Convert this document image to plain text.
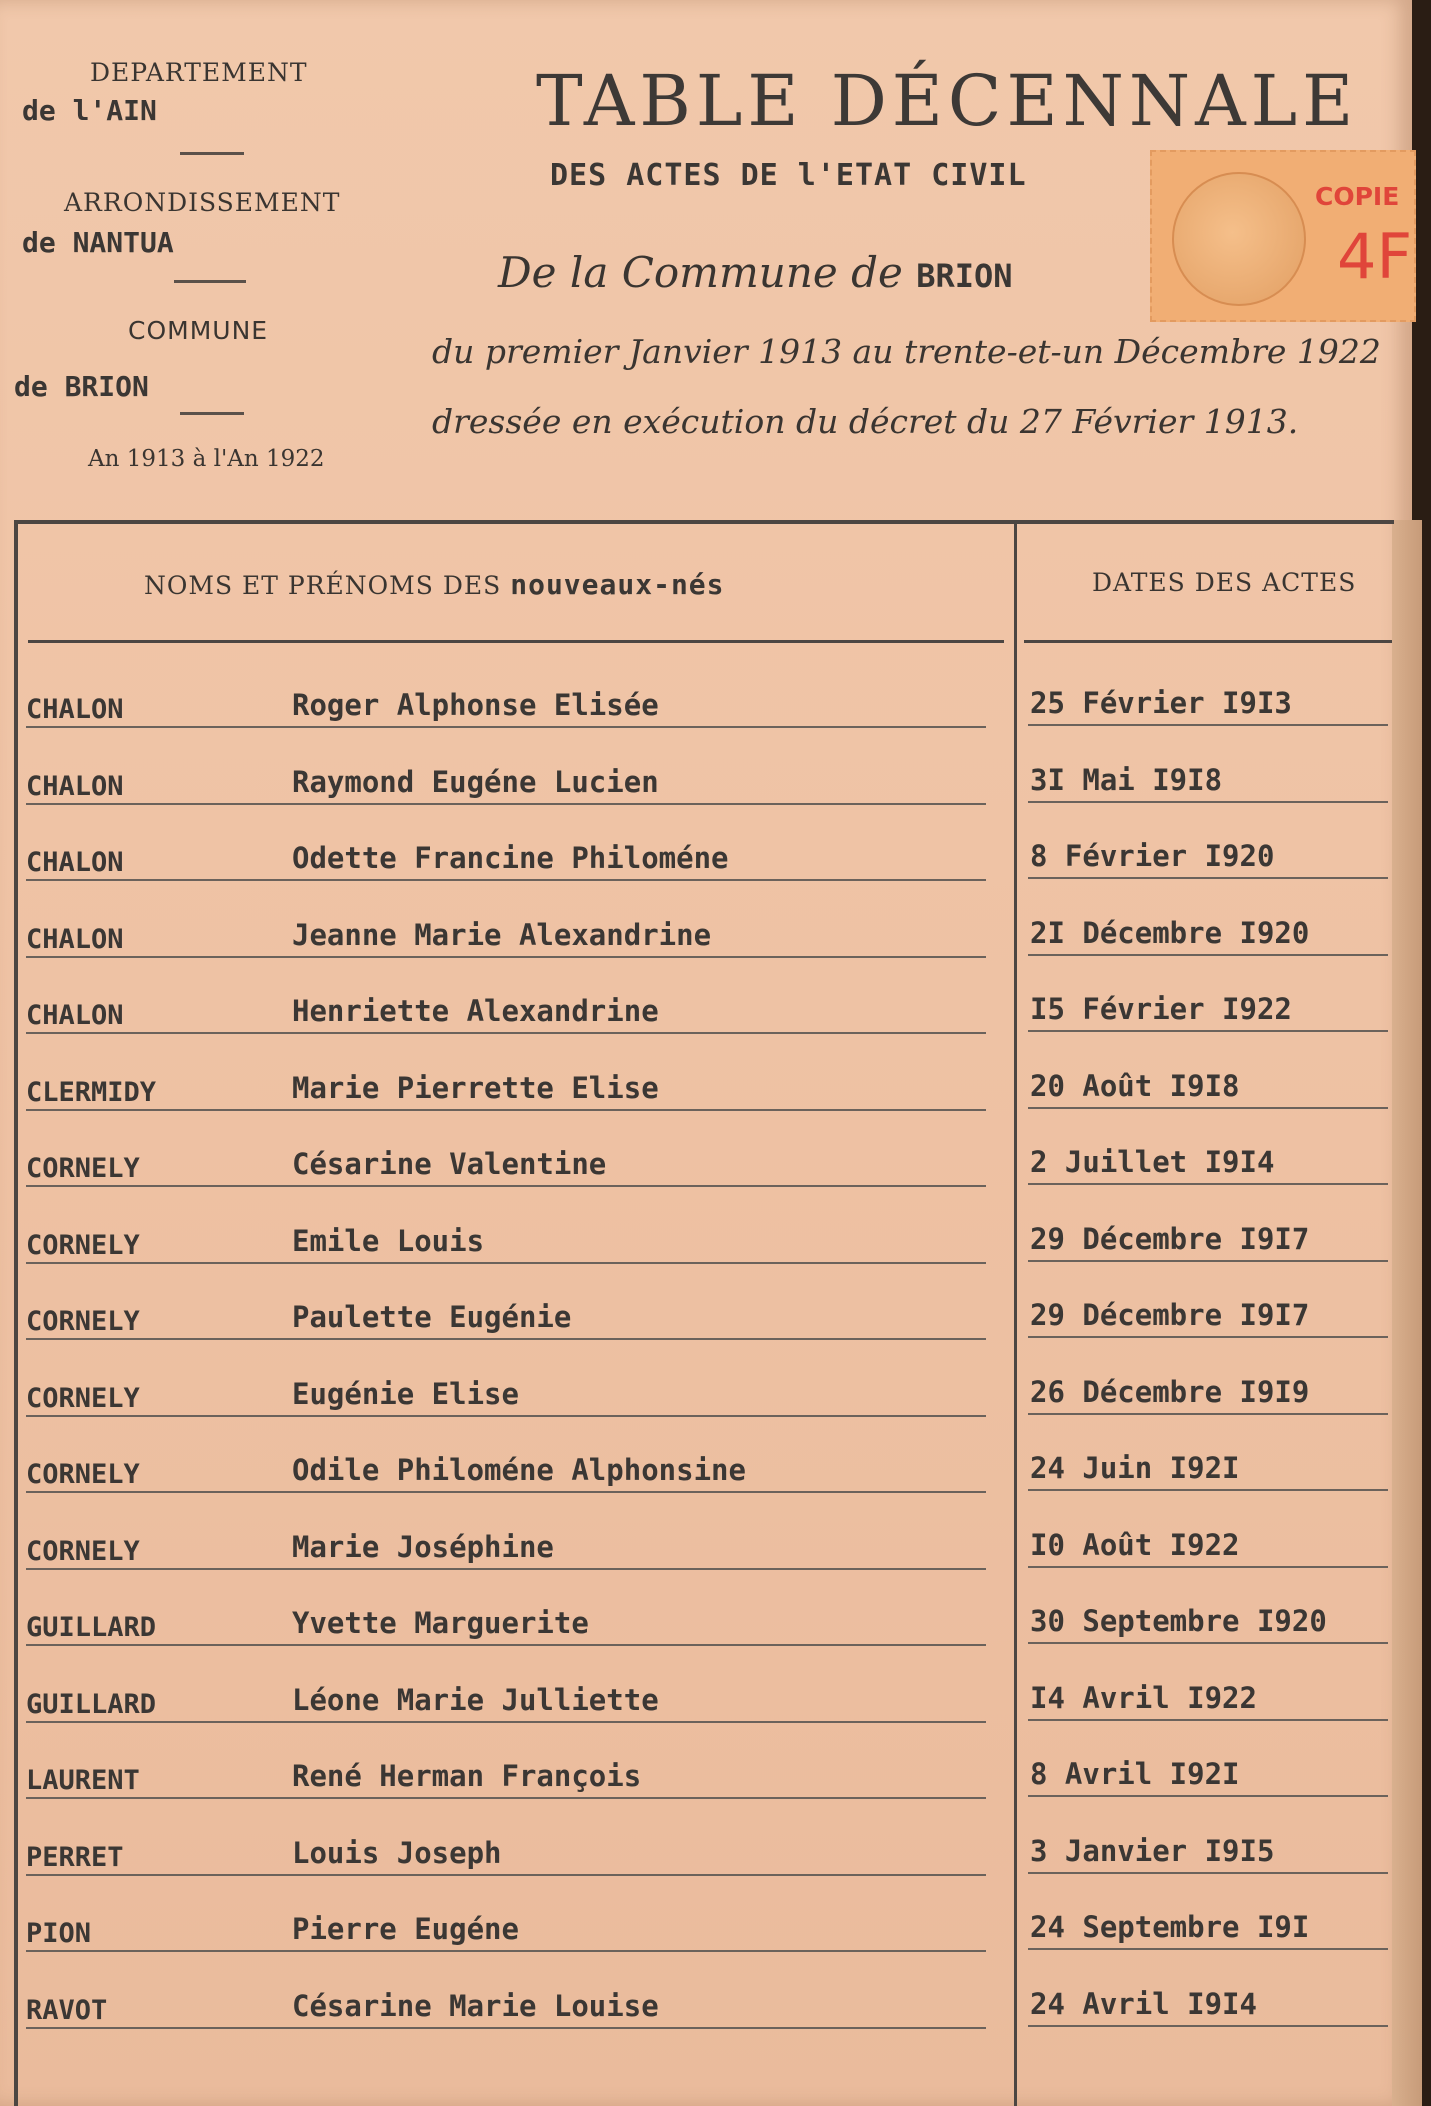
DEPARTEMENT
de l'AIN
ARRONDISSEMENT
de NANTUA
COMMUNE
de BRION
An 1913 à l'An 1922
TABLE DÉCENNALE
DES ACTES DE l'ETAT CIVIL
De la Commune de BRION
du premier Janvier 1913 au trente-et-un Décembre 1922
dressée en exécution du décret du 27 Février 1913.
COPIE
4F
NOMS ET PRÉNOMS DES nouveaux-nés	DATES DES ACTES
CHALON	Roger Alphonse Elisée	25 Février I9I3
CHALON	Raymond Eugéne Lucien	3I Mai I9I8
CHALON	Odette Francine Philoméne	8 Février I920
CHALON	Jeanne Marie Alexandrine	2I Décembre I920
CHALON	Henriette Alexandrine	I5 Février I922
CLERMIDY	Marie Pierrette Elise	20 Août I9I8
CORNELY	Césarine Valentine	2 Juillet I9I4
CORNELY	Emile Louis	29 Décembre I9I7
CORNELY	Paulette Eugénie	29 Décembre I9I7
CORNELY	Eugénie Elise	26 Décembre I9I9
CORNELY	Odile Philoméne Alphonsine	24 Juin I92I
CORNELY	Marie Joséphine	I0 Août I922
GUILLARD	Yvette Marguerite	30 Septembre I920
GUILLARD	Léone Marie Julliette	I4 Avril I922
LAURENT	René Herman François	8 Avril I92I
PERRET	Louis Joseph	3 Janvier I9I5
PION	Pierre Eugéne	24 Septembre I9I
RAVOT	Césarine Marie Louise	24 Avril I9I4
